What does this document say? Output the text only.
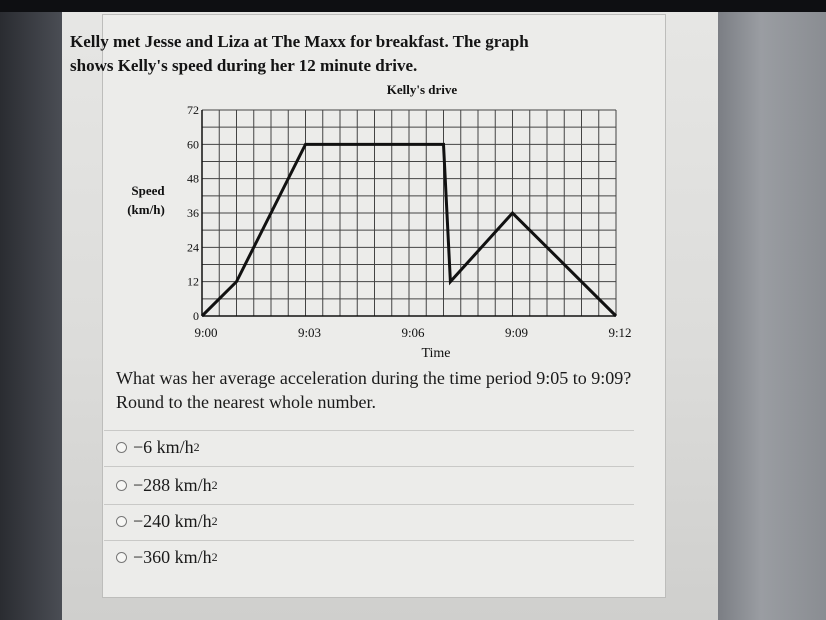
Kelly met Jesse and Liza at The Maxx for breakfast. The graph shows Kelly's speed during her 12 minute drive.
0
12
24
36
48
60
72
9:00	9:03	9:06	9:09	9:12
Kelly's drive
Time
Speed
(km/h)
What was her average acceleration during the time period 9:05 to 9:09? Round to the nearest whole number.
−6 km/h 2
−288 km/h 2
−240 km/h 2
−360 km/h 2
